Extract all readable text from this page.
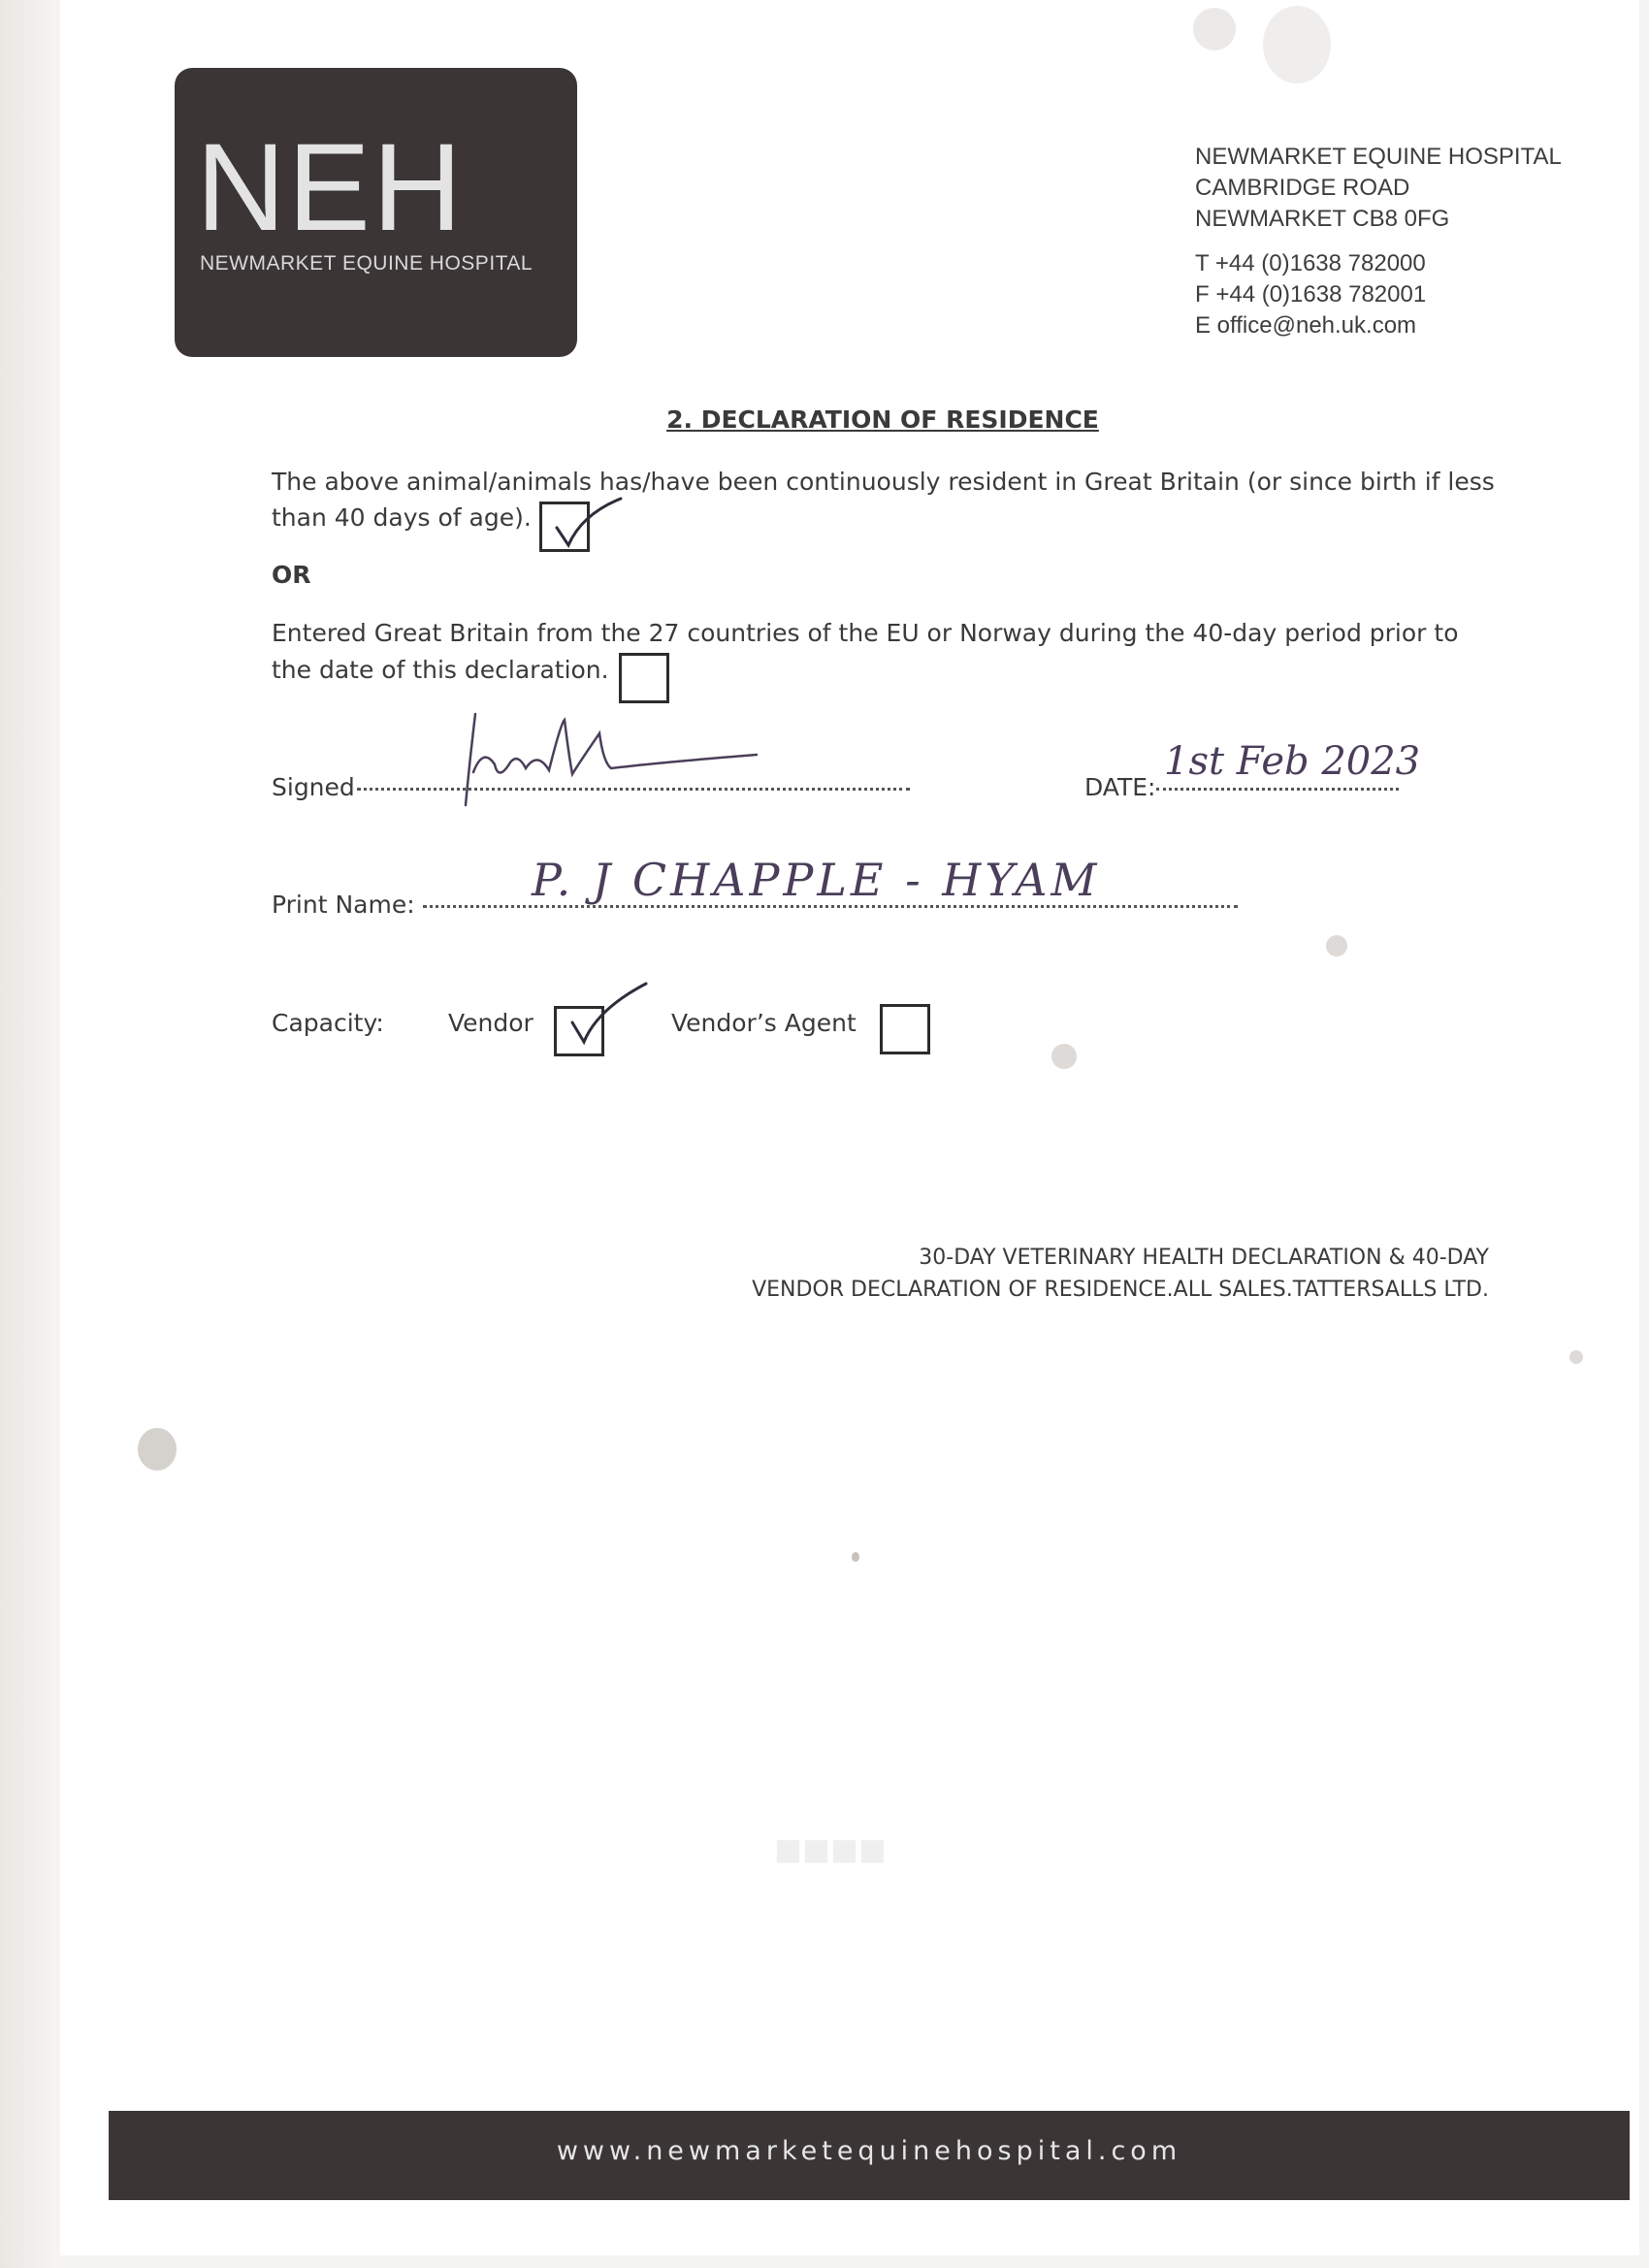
■■■■
NEH
NEWMARKET EQUINE HOSPITAL
NEWMARKET EQUINE HOSPITAL
CAMBRIDGE ROAD
NEWMARKET CB8 0FG
T +44 (0)1638 782000
F +44 (0)1638 782001
E office@neh.uk.com
2. DECLARATION OF RESIDENCE
The above animal/animals has/have been continuously resident in Great Britain (or since birth if less
than 40 days of age).
OR
Entered Great Britain from the 27 countries of the EU or Norway during the 40-day period prior to
the date of this declaration.
Signed	DATE:
1st Feb 2023
Print Name:	P. J CHAPPLE - HYAM
Capacity:	Vendor	Vendor’s Agent
30-DAY VETERINARY HEALTH DECLARATION & 40-DAY
VENDOR DECLARATION OF RESIDENCE.ALL SALES.TATTERSALLS LTD.
www.newmarketequinehospital.com
